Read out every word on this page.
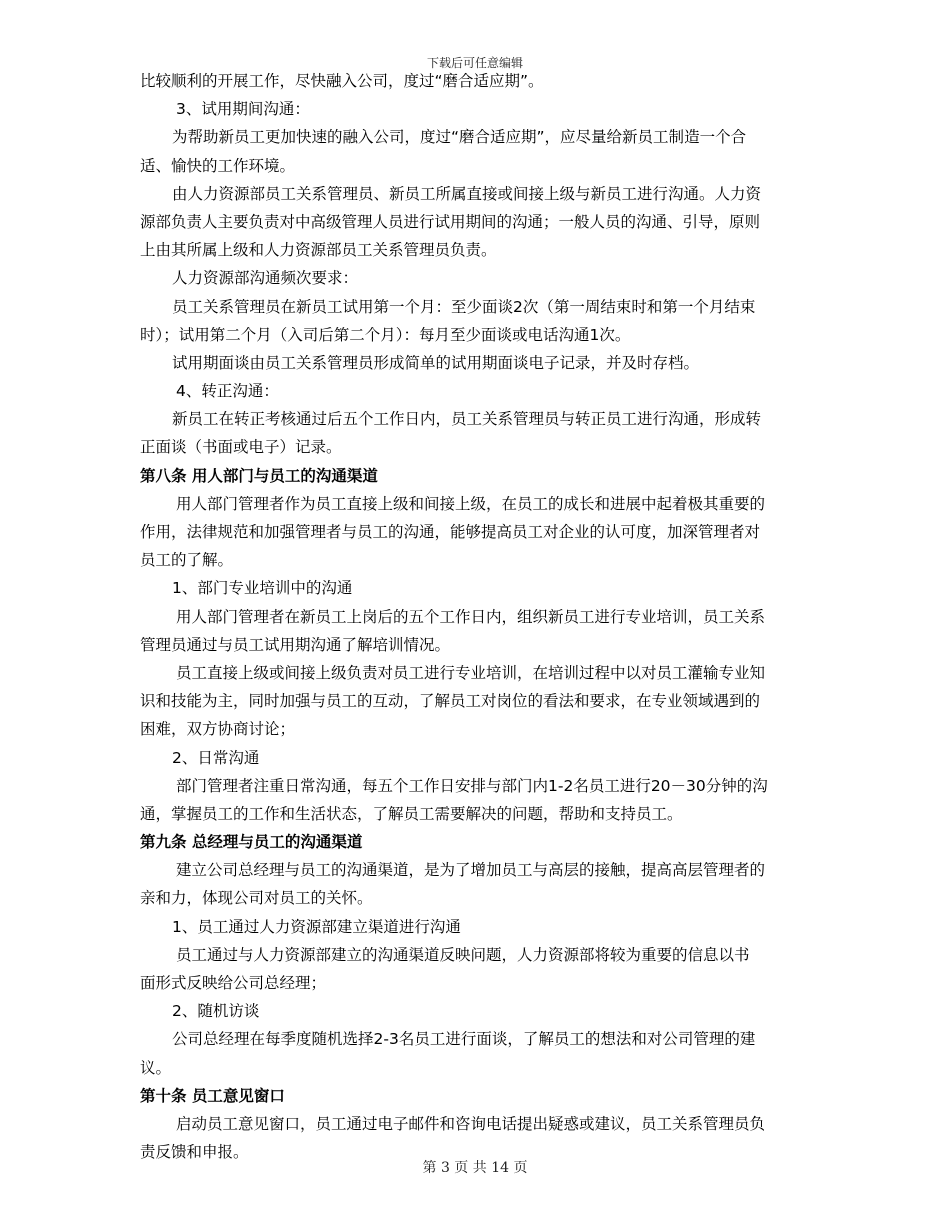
下载后可任意编辑
比较顺利的开展工作，尽快融入公司，度过“磨合适应期”。
3、试用期间沟通：
为帮助新员工更加快速的融入公司，度过“磨合适应期”，应尽量给新员工制造一个合
适、愉快的工作环境。
由人力资源部员工关系管理员、新员工所属直接或间接上级与新员工进行沟通。人力资
源部负责人主要负责对中高级管理人员进行试用期间的沟通；一般人员的沟通、引导，原则
上由其所属上级和人力资源部员工关系管理员负责。
人力资源部沟通频次要求：
员工关系管理员在新员工试用第一个月：至少面谈2次（第一周结束时和第一个月结束
时）；试用第二个月（入司后第二个月）：每月至少面谈或电话沟通1次。
试用期面谈由员工关系管理员形成简单的试用期面谈电子记录，并及时存档。
4、转正沟通：
新员工在转正考核通过后五个工作日内，员工关系管理员与转正员工进行沟通，形成转
正面谈（书面或电子）记录。
第八条 用人部门与员工的沟通渠道
用人部门管理者作为员工直接上级和间接上级，在员工的成长和进展中起着极其重要的
作用，法律规范和加强管理者与员工的沟通，能够提高员工对企业的认可度，加深管理者对
员工的了解。
1、部门专业培训中的沟通
用人部门管理者在新员工上岗后的五个工作日内，组织新员工进行专业培训，员工关系
管理员通过与员工试用期沟通了解培训情况。
员工直接上级或间接上级负责对员工进行专业培训，在培训过程中以对员工灌输专业知
识和技能为主，同时加强与员工的互动，了解员工对岗位的看法和要求，在专业领域遇到的
困难，双方协商讨论；
2、日常沟通
部门管理者注重日常沟通，每五个工作日安排与部门内1-2名员工进行20－30分钟的沟
通，掌握员工的工作和生活状态，了解员工需要解决的问题，帮助和支持员工。
第九条 总经理与员工的沟通渠道
建立公司总经理与员工的沟通渠道，是为了增加员工与高层的接触，提高高层管理者的
亲和力，体现公司对员工的关怀。
1、员工通过人力资源部建立渠道进行沟通
员工通过与人力资源部建立的沟通渠道反映问题，人力资源部将较为重要的信息以书
面形式反映给公司总经理；
2、随机访谈
公司总经理在每季度随机选择2-3名员工进行面谈，了解员工的想法和对公司管理的建
议。
第十条 员工意见窗口
启动员工意见窗口，员工通过电子邮件和咨询电话提出疑惑或建议，员工关系管理员负
责反馈和申报。
第 3 页 共 14 页
